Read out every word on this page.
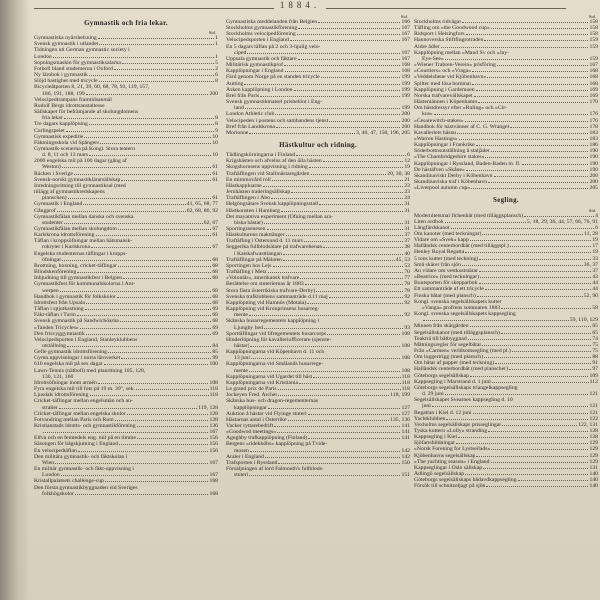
1884.
Gymnastik och fria lekar.
Sid.
Gymnastiska nyårshelsning	1
Svensk gymnastik i utlandet	1
Tidningen uti German gymnastic society i
London	1
Sopningsmaskin för gymnastiksalarna	5
Fotboll bland studenterna i Oxford	2
Ny lärobok i gymnastik	6
Slöjd hastighet med tricycle	8
Bicycleåtporten 8, 21, 39, 60, 68, 78, 93, 119, 157,
186, 191, 188, 199	200
Velocipedtrampans framtidsanmäl
Rudolf Bergs idrottsanstaltesse
Sällskapet för befrämjande af skolungdomens
fria lekar	8
Tre dagars kapplöpning	8
Curlingspelet	9
Gymnastisk expeditie	10
Fäktningsskola vid Spångers	10
Gymnastik-scenerna på Kongl. Stora teatern
d. 8, 11 och 13 mars	10
2000 engelska mil på 100 dagar (gång af
Weston)	61
Räcken i Sverige	61
Svensk-norskt gymnastiklärarsällskap	61
Inredningsritning till gymnastiksal (med
tillägg af gymnastikredskapens
planschen)	61
Gymnastik i England	41, 65, 68, 77
Gångprof	62, 68, 86, 92
Gymnastikfälan mellan danska och svenska
studenter	62, 67
Gymnastikfälan mellan skolungdom	67
Karlskrona idrottsförening	61
Täflan i kroppsöfningar mellan hätsmansk-
rokryter i Karlskrona	67
Engelska studenternas täflingar i kropps-
öfningar	68
Brottning, boxning, cricket-täflingar	68
Blindskenförening	68
Inhjudning till gymnastikfest i Belgien	68
Gymnastikfest för kommunalskolorna i Ant-
werpen	68
Handbok i gymnastik för folkskolor	68
Idrottsfest från Upsala	68
Täflan i spjutkastning	69
Fäkt-täflan i Turin	68
Svensk gymnastik på Sandwichöarna	68
»Tanden Tricycles»	69
Den frisvyggymnastik	69
Velocipedsporten i England, Stanleyklubbens
utställning	84
Gefle gymnastik idrottsförening	85
Gymn.uppvisningar i norra läroverket	99
610 engelska mil på sex dagar	100
Lawn-Tennis (nätboll) med planritning 105, 128,
130, 131, 160
Idrottsöfningar inom armén	108
Fyra engelska mil till fots på 19 m. 39", sek.	118
Ljusdals idrottsförening	118
Cricket-täflingar mellan engelsmän och au-
stralier	119, 128
Cricket-täflingar mellan engelska skolor	128
Fotvandring mellan Paris och Rom	128
Kristianstads idrotts- och gymnastikförening	136
167
Elfva och en femtedels eng. mil på en timme	156
Säsongen för bågskjutning i England	156
En velocipedtäflan	156
Den militära gymnastik- och fäktskolan i
Wien	167
En militär gymnastik- och fäkt-uppvisning i
London	167
Kristallpalatsets challenge-cup	168
Den första gymnastikbyggnaden vid Sveriges
folkhögskolor	168
Sid.
Gymnastiska meddelanden från Belgien	166
Stockholms gymnastikförening	167
Stockholms velocipedförening	167
Velocipedsporten i England	167
En 5 dagars täflan på 2 och 3-hjulig velo-
ciped	167
Uppsala gymnastik och fäktare	167
Militärisk gymnastikprof	168
Kapplöpningar i England	168
Färd genom Norge på en standen tricycle	199
Autting	199
Åsken kapplöpning i London	199
Brel från Paris	199
Svensk gymnastikmatsel prisbelönt i Eng-
land	199
London Athletic club	200
Velocipeden i postens och sambandens tjenst	200
Bref från Landskrona	200
Morionne	3, 40, 47, 158, 196, 205
Hästkultur och ridning.
Tädlingskörningarna i Finland	6
Krigshästen och afvelns af den älla hästen	12
Skogshornsens uppvisning i ridning	19
Traftäflingen vid Stallmästaregården	20, 30, 38
En mimmovård roll	21
Hästkappluarne	23
Jernhästen traderingsällskap	23
Traftäflingen i Åbo	24
Helgöngsätare Svensk kapplöpningsstall	31
Hästkonsten i Hamburg	31
Det mayamiva experiment (Öfning mellan ara-
biska hästar)	31
Sportingssenesen	31
Hästkulturens makttänger	37
Traftäfling i Östersund d. 11 mars	37
Seggerika fullblodsätare på trafwarehenan	38
i Kaiskafwasttiangan	40
Traftäflingar på Mälaren	45, 53
Sportingen hos Lejs	53
Traftäfling i Metz	70
»Volontär», amerikansk trafvare	77
Berättelse om stuteriernas år 1883	78
Stora fästa österrikiska trafvare-Derby)	78
Svenska trafklubbens sammanträde d.11 maj	92
Kapplöpning vid Hamnös (Motala)	92
Kapplöpning vid Kronprinsens husarreg-
mente	92
Skånska husarregementets kapplöpning i
Ljungby hed	93
Sporttäflingar vid lifregementets husarcorps	108
Hinderlöpning för kavalleriofficerare (sjenste-
hästar)	108
Kapplöpningarna vid Köpenhavn d. 11 och
13 juni	108
Kapplöpningarna vid Smålands husarrege-
mente	108
Kapplöpningarna vid Ugardet till häst	118
Kapplöpningarna vid Kristiania	118
Le grand prix de Paris	118
Jockeyen Fred. Archer	118, 199
Skånska hus- och dragon-regementernas
kapplöpningar	127
Auktion å hästar vid Flyinge stuteri	127
Hästarnas antal i Österrike	135, 136
Vacker ryttarebedrift	141
»Goodwod meetings»	141
Ageghby trafkapplöpning (Finland)	141
Bergens »ridekhöbs» kapplöpning på Tvide-
mosen	142
Araler i England	142
Trafsporten i Ryssland	150
Försäljningen af lord Falmouth's fullblods-
stuteri	151
Sid.
Stockholms ridvägar	158
Täfling om »the Goodwood cup»	158
Ridsport i Helsingfors	158
Hannoverska Stiftfingrotraden	159
Äldre ådler	159
Kapplöpning mellan »Mand Sv och »Jay-
Eye-See»	159
»Wiener Trabren-Verein» prisföring	167
»Courtiers» och »Vraga»	168
»Veddelshene vid Kjöbenhavn»	168
Spilter med lösa bommar	168
Kapplöpning i Gardemoen	169
Norska trafvarevällskapet	169
Hästemännen i Köpenhamn	170
Om hästdressyr efter »Ruling» och »Cir-
kus»	176
»Cesarewitch-stakes»	176
Handbok för hästvänner af C. G. Wrangel	178
Kavalleriets hästar	183
»Warren Hastings»	183
Kapplöpningar i Frankrike	186
Söderbottnsutställning å staljäder	190
»The Chambridgeshire stakes»	190
Kapplöpningar i Ryssland, Baden-Baden m. fl.	190
De hästäfven »Skåne»	190
Skandinaviskt Derby i Köbenhavn	200
Skandinaviska traf i Köbenhavn	200
»Liverpool autumn cup»	205
Segling.
Sid.
Modernitetsmal Ilchenbät (med tilläggsplansch)	4
Liten ordbok	5, 18, 29, 36, 44, 57, 66, 76, 91
Långfärdskanot	6
Om kanoter (med teckningar)	11, 28
Vidare om »Svek» kapp	19
Hallåndsk centerbordbät (med tilläggspl.)	17
Henley Royal Regatta	19
5 tons kutter (med teckning)	33
Små skärer från sjön	36, 37
Än vidare om vestkuststärar	37
»Beatrice» (med teckningar)	43
Boutsporten för skepparbok	44
Ett sammanträde af ett tricycle	44
Finska båtar (med plansch)	52, 90
Kongl. svenska segelsällskapets kutter
»Vanga» profrens sommaren 1883	58
Kongl. svenska segelsällskapets kappsegling
59, 110, 129
Minnen från skärgården	65
Segelsällskanot (med tilläggsplansch)	65
Teakträ till båtbyggnad	74
Mätningsregler för segelbåtar	75
Från »Carmen» verldsomsegling (med pl.)	75
Om loggertrigg (med plansch)	88
Om båtar af papper (med teckning)	91
Hallåndsk centerbordbät (med planscher)	97
Göteborgs segelsällskap	109
Kappsegling i Marstrand d. 1 juni	112
Göteborgs segelsällskaps triangelkappsegling
d. 29 juni	121
Segelsällskapet Svearnes kappsegling d. 10
juni	121
Regattan i Kiel d. 12 juni	121
Yachtklubben	122
Vexholms segelsällskaps prisseglingar	122, 131
Tyska kuttern »Lolly» stranding	128
Kappsegling i Kiel	128
Sjöfartsbildningar	129
»Norsk Forening for Lystseilads»	129
Kjöbenhavns segelsällskap	129
»The yachting season» i England	129
Kappseglingar i Oslo sällskap	131
Ådlingö segelsällskap	140
Göteborgs segelsällskaps bådavdkappsegling	140
Försök till schnitzeljagt på sjön	140
